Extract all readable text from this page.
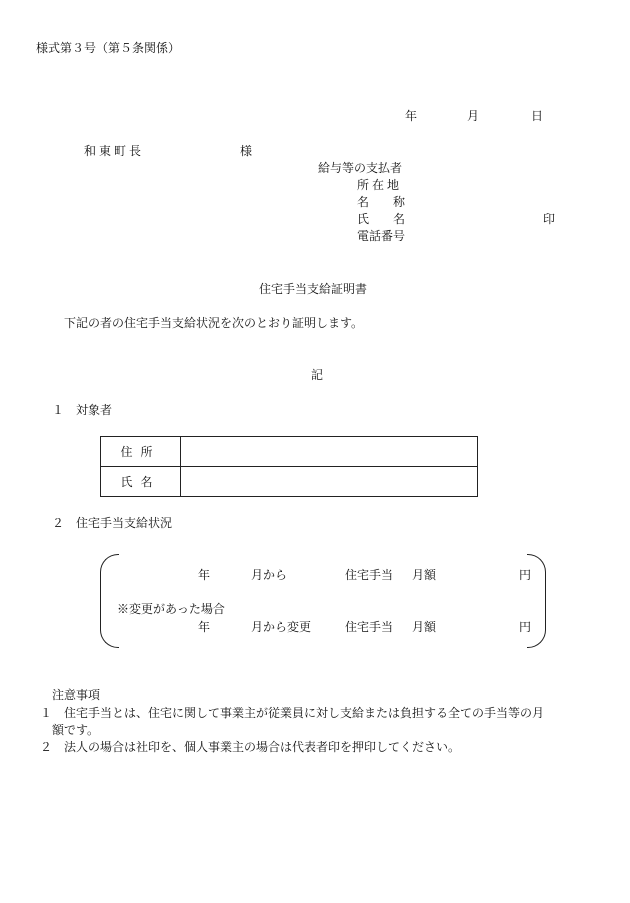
様式第３号（第５条関係）
年	月	日
和東町長	様
給与等の支払者
所在地
名　　称
氏　　名	印
電話番号
住宅手当支給証明書
下記の者の住宅手当支給状況を次のとおり証明します。
記
１　対象者
住所	
氏名	
２　住宅手当支給状況
年	月から	住宅手当 月額	円
※変更があった場合
年	月から変更	住宅手当 月額	円
注意事項
１ 住宅手当とは、住宅に関して事業主が従業員に対し支給または負担する全ての手当等の月
額です。
２ 法人の場合は社印を、個人事業主の場合は代表者印を押印してください。
